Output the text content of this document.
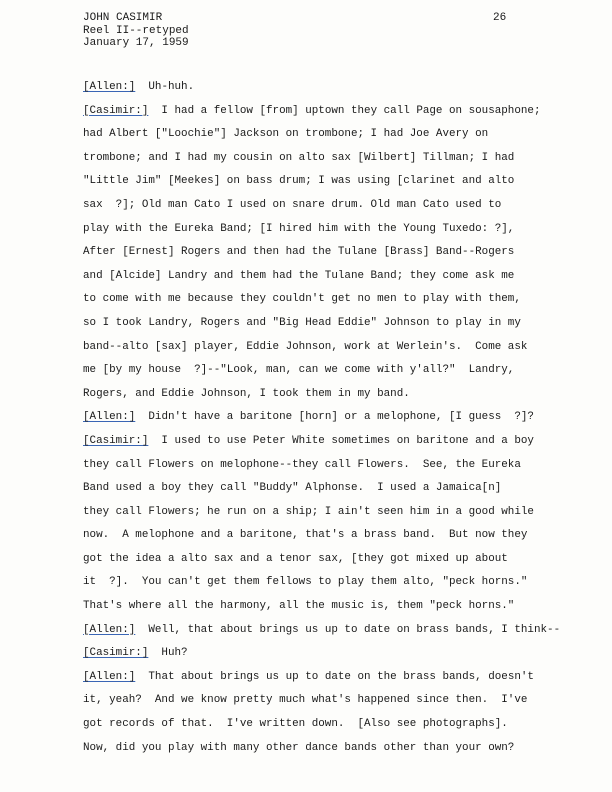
JOHN CASIMIR
Reel II--retyped
January 17, 1959
26
[Allen:]  Uh-huh.
[Casimir:]  I had a fellow [from] uptown they call Page on sousaphone;
had Albert ["Loochie"] Jackson on trombone; I had Joe Avery on
trombone; and I had my cousin on alto sax [Wilbert] Tillman; I had
"Little Jim" [Meekes] on bass drum; I was using [clarinet and alto
sax  ?]; Old man Cato I used on snare drum. Old man Cato used to
play with the Eureka Band; [I hired him with the Young Tuxedo: ?],
After [Ernest] Rogers and then had the Tulane [Brass] Band--Rogers
and [Alcide] Landry and them had the Tulane Band; they come ask me
to come with me because they couldn't get no men to play with them,
so I took Landry, Rogers and "Big Head Eddie" Johnson to play in my
band--alto [sax] player, Eddie Johnson, work at Werlein's.  Come ask
me [by my house  ?]--"Look, man, can we come with y'all?"  Landry,
Rogers, and Eddie Johnson, I took them in my band.
[Allen:]  Didn't have a baritone [horn] or a melophone, [I guess  ?]?
[Casimir:]  I used to use Peter White sometimes on baritone and a boy
they call Flowers on melophone--they call Flowers.  See, the Eureka
Band used a boy they call "Buddy" Alphonse.  I used a Jamaica[n]
they call Flowers; he run on a ship; I ain't seen him in a good while
now.  A melophone and a baritone, that's a brass band.  But now they
got the idea a alto sax and a tenor sax, [they got mixed up about
it  ?].  You can't get them fellows to play them alto, "peck horns."
That's where all the harmony, all the music is, them "peck horns."
[Allen:]  Well, that about brings us up to date on brass bands, I think--
[Casimir:]  Huh?
[Allen:]  That about brings us up to date on the brass bands, doesn't
it, yeah?  And we know pretty much what's happened since then.  I've
got records of that.  I've written down.  [Also see photographs].
Now, did you play with many other dance bands other than your own?
